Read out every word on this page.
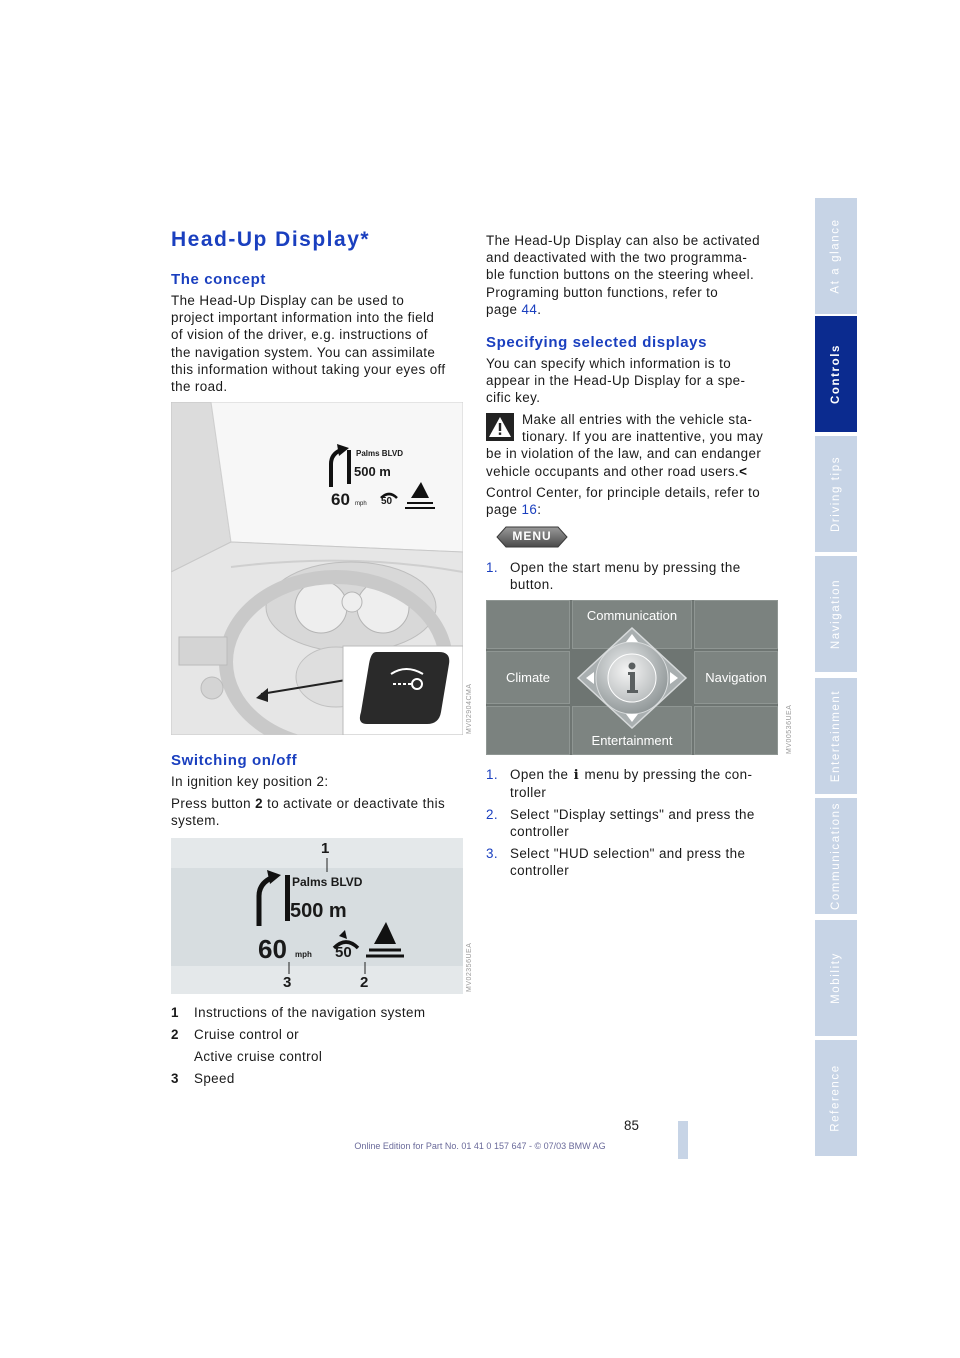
At a glance
Controls
Driving tips
Navigation
Entertainment
Communications
Mobility
Reference
Head-Up Display*
The concept
The Head-Up Display can be used to
project important information into the field
of vision of the driver, e.g. instructions of
the navigation system. You can assimilate
this information without taking your eyes off
the road.
Palms BLVD
500 m
60 mph 50
MV02904CMA
Switching on/off
In ignition key position 2:
Press button 2 to activate or deactivate this
system.
1
Palms BLVD
500 m
60 mph 50
3	2	MV02356UEA
1 Instructions of the navigation system
2 Cruise control or
Active cruise control
3 Speed
The Head-Up Display can also be activated
and deactivated with the two programma-
ble function buttons on the steering wheel.
Programing button functions, refer to
page 44.
Specifying selected displays
You can specify which information is to
appear in the Head-Up Display for a spe-
cific key.
Make all entries with the vehicle sta-
tionary. If you are inattentive, you may
be in violation of the law, and can endanger
vehicle occupants and other road users.<
Control Center, for principle details, refer to
page 16:
MENU
1. Open the start menu by pressing the
button.
Communication
Climate	Navigation
Entertainment	MV00536UEA
1. Open the i menu by pressing the con-
troller
2. Select "Display settings" and press the
controller
3. Select "HUD selection" and press the
controller
85
Online Edition for Part No. 01 41 0 157 647 - © 07/03 BMW AG
